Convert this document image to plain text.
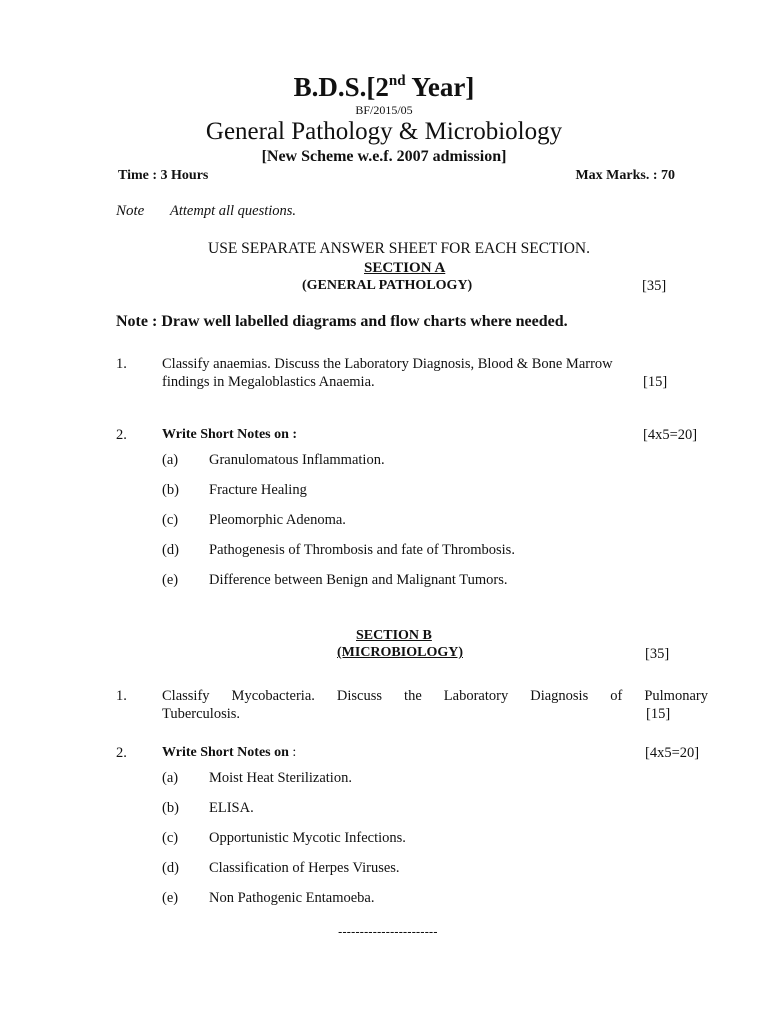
B.D.S.[2nd Year]
BF/2015/05
General Pathology & Microbiology
[New Scheme w.e.f. 2007 admission]
Time : 3 Hours	Max Marks. : 70
Note Attempt all questions.
USE SEPARATE ANSWER SHEET FOR EACH SECTION.
SECTION A
(GENERAL PATHOLOGY)	[35]
Note : Draw well labelled diagrams and flow charts where needed.
1. Classify anaemias. Discuss the Laboratory Diagnosis, Blood & Bone Marrow
findings in Megaloblastics Anaemia.	[15]
2.	Write Short Notes on :	[4x5=20]
(a) Granulomatous Inflammation.
(b) Fracture Healing
(c) Pleomorphic Adenoma.
(d) Pathogenesis of Thrombosis and fate of Thrombosis.
(e) Difference between Benign and Malignant Tumors.
SECTION B
(MICROBIOLOGY)	[35]
1. Classify Mycobacteria. Discuss the Laboratory Diagnosis of Pulmonary
Tuberculosis.	[15]
2.	Write Short Notes on :	[4x5=20]
(a) Moist Heat Sterilization.
(b) ELISA.
(c) Opportunistic Mycotic Infections.
(d) Classification of Herpes Viruses.
(e) Non Pathogenic Entamoeba.
-----------------------
